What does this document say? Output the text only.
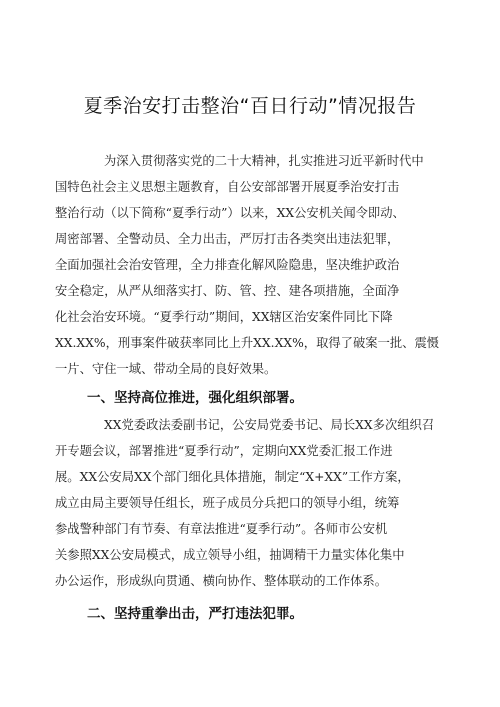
夏季治安打击整治“百日行动”情况报告
为深入贯彻落实党的二十大精神，扎实推进习近平新时代中
国特色社会主义思想主题教育，自公安部部署开展夏季治安打击
整治行动（以下简称“夏季行动”）以来，XX公安机关闻令即动、
周密部署、全警动员、全力出击，严厉打击各类突出违法犯罪，
全面加强社会治安管理，全力排查化解风险隐患，坚决维护政治
安全稳定，从严从细落实打、防、管、控、建各项措施，全面净
化社会治安环境。“夏季行动”期间，XX辖区治安案件同比下降
XX.XX%，刑事案件破获率同比上升XX.XX%，取得了破案一批、震慑
一片、守住一域、带动全局的良好效果。
一、坚持高位推进，强化组织部署。
XX党委政法委副书记，公安局党委书记、局长XX多次组织召
开专题会议，部署推进“夏季行动”，定期向XX党委汇报工作进
展。XX公安局XX个部门细化具体措施，制定“X+XX”工作方案，
成立由局主要领导任组长，班子成员分兵把口的领导小组，统筹
参战警种部门有节奏、有章法推进“夏季行动”。各师市公安机
关参照XX公安局模式，成立领导小组，抽调精干力量实体化集中
办公运作，形成纵向贯通、横向协作、整体联动的工作体系。
二、坚持重拳出击，严打违法犯罪。
